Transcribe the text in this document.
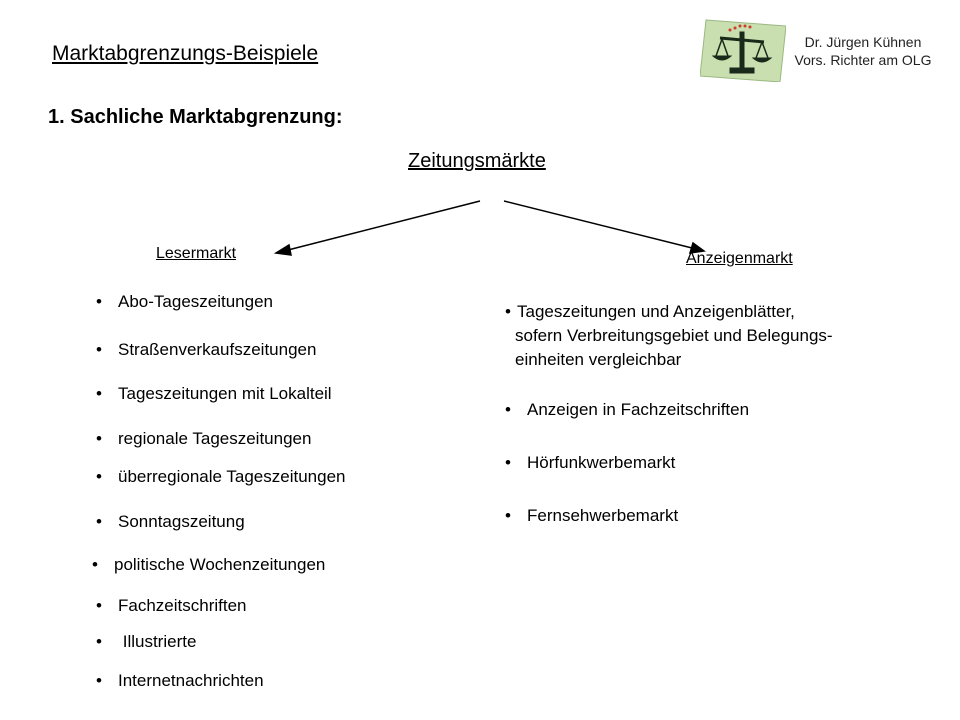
Marktabgrenzungs-Beispiele	Dr. Jürgen Kühnen
Vors. Richter am OLG
1. Sachliche Marktabgrenzung:
Zeitungsmärkte
Lesermarkt	Anzeigenmarkt
• Abo-Tageszeitungen
• Straßenverkaufszeitungen
• Tageszeitungen mit Lokalteil
• regionale Tageszeitungen
• überregionale Tageszeitungen
• Sonntagszeitung
• politische Wochenzeitungen
• Fachzeitschriften
• Illustrierte
• Internetnachrichten
• Tageszeitungen und Anzeigenblätter,
sofern Verbreitungsgebiet und Belegungs-
einheiten vergleichbar
• Anzeigen in Fachzeitschriften
• Hörfunkwerbemarkt
• Fernsehwerbemarkt
